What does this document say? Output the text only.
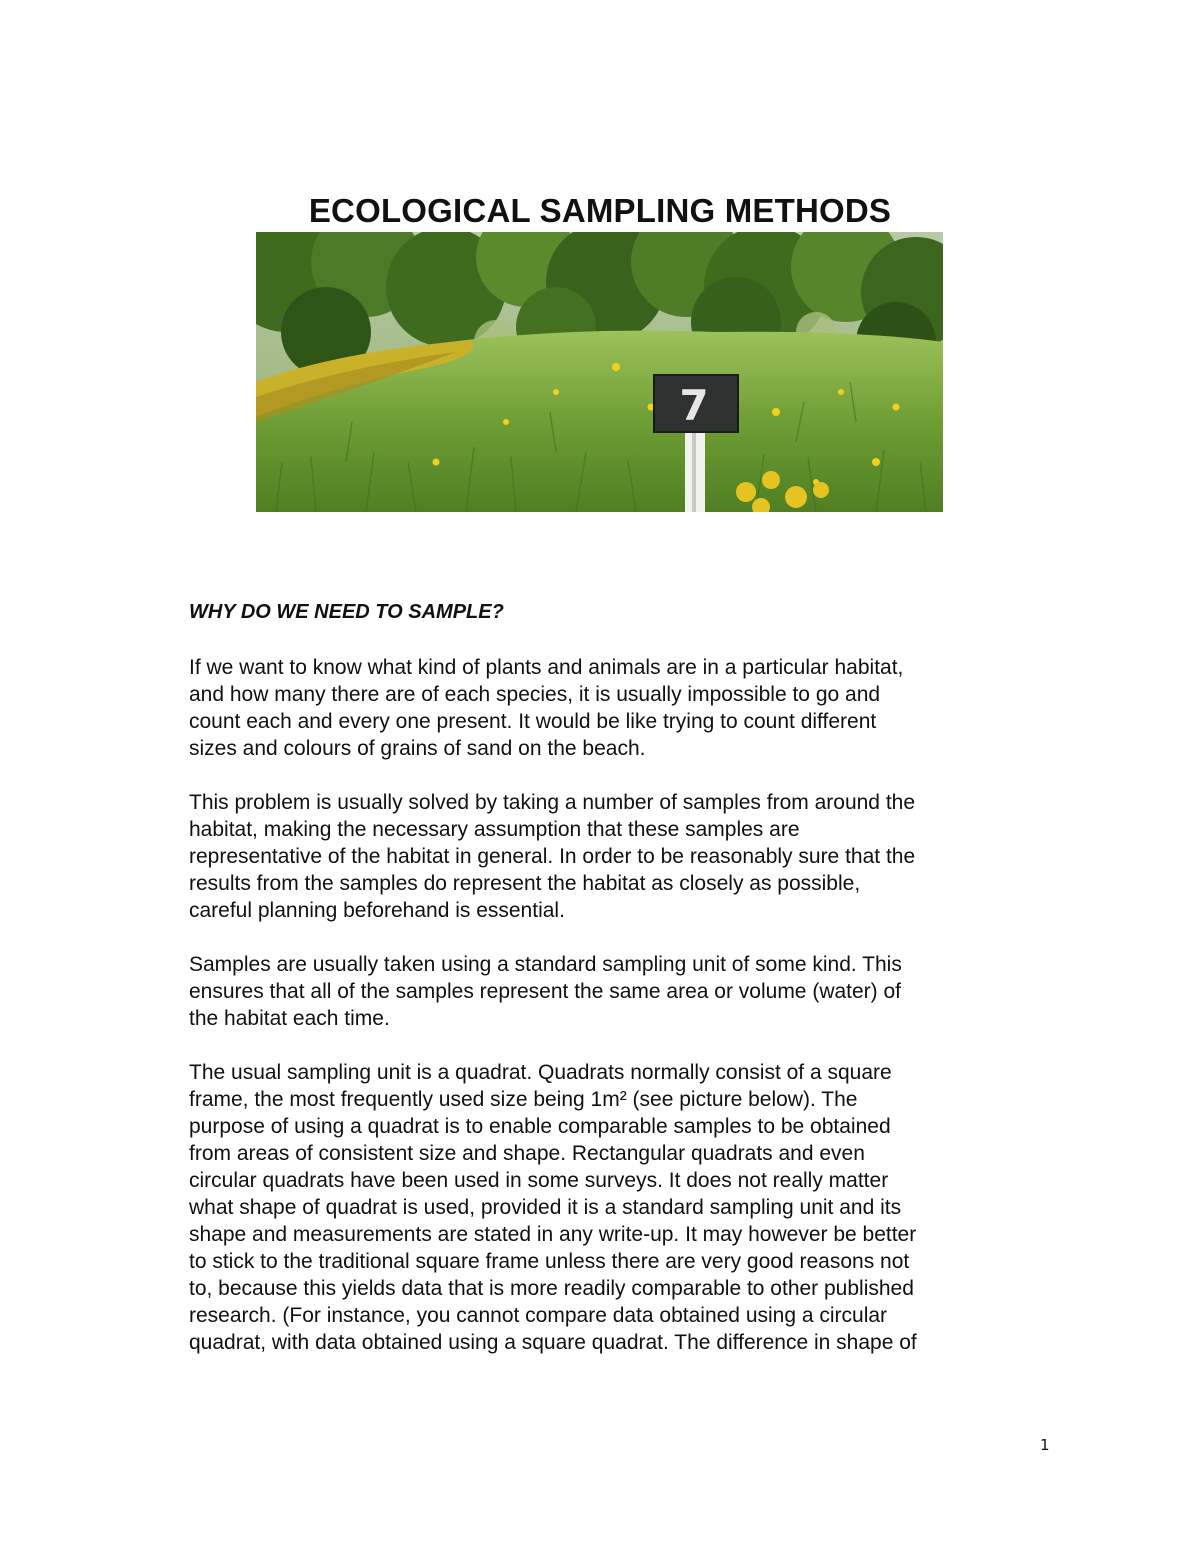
ECOLOGICAL SAMPLING METHODS
7

WHY DO WE NEED TO SAMPLE?

If we want to know what kind of plants and animals are in a particular habitat,
and how many there are of each species, it is usually impossible to go and
count each and every one present. It would be like trying to count different
sizes and colours of grains of sand on the beach.

This problem is usually solved by taking a number of samples from around the
habitat, making the necessary assumption that these samples are
representative of the habitat in general. In order to be reasonably sure that the
results from the samples do represent the habitat as closely as possible,
careful planning beforehand is essential.

Samples are usually taken using a standard sampling unit of some kind. This
ensures that all of the samples represent the same area or volume (water) of
the habitat each time.

The usual sampling unit is a quadrat. Quadrats normally consist of a square
frame, the most frequently used size being 1m² (see picture below). The
purpose of using a quadrat is to enable comparable samples to be obtained
from areas of consistent size and shape. Rectangular quadrats and even
circular quadrats have been used in some surveys. It does not really matter
what shape of quadrat is used, provided it is a standard sampling unit and its
shape and measurements are stated in any write-up. It may however be better
to stick to the traditional square frame unless there are very good reasons not
to, because this yields data that is more readily comparable to other published
research. (For instance, you cannot compare data obtained using a circular
quadrat, with data obtained using a square quadrat. The difference in shape of

1
